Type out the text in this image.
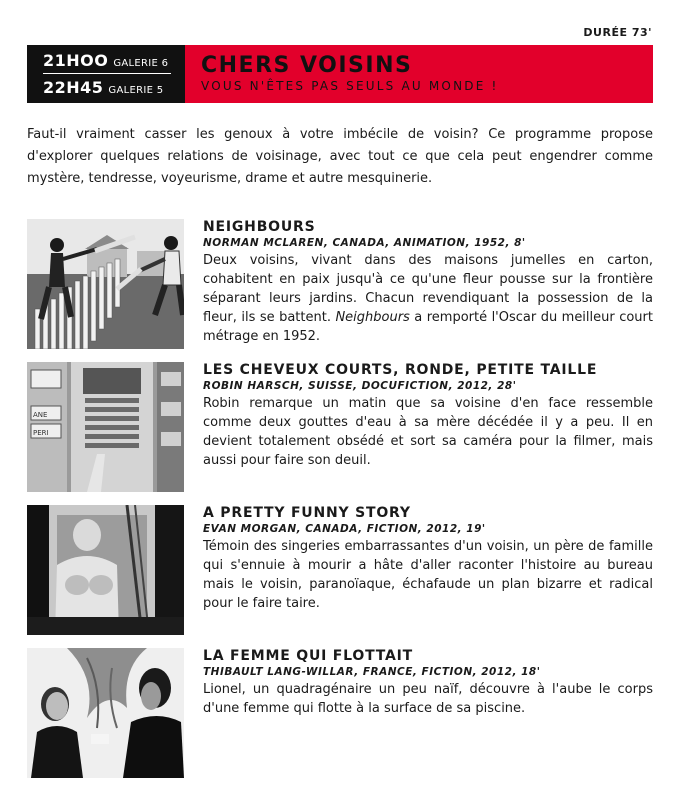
DURÉE 73'
21HOO GALERIE 6
22H45 GALERIE 5
CHERS VOISINS
VOUS N'ÊTES PAS SEULS AU MONDE !
Faut-il vraiment casser les genoux à votre imbécile de voisin? Ce programme propose d'explorer quelques relations de voisinage, avec tout ce que cela peut engendrer comme mystère, tendresse, voyeurisme, drame et autre mesquinerie.
NEIGHBOURS
NORMAN MCLAREN, CANADA, ANIMATION, 1952, 8'
Deux voisins, vivant dans des maisons jumelles en carton, cohabitent en paix jusqu'à ce qu'une fleur pousse sur la frontière séparant leurs jardins. Chacun revendiquant la possession de la fleur, ils se battent. Neighbours a remporté l'Oscar du meilleur court métrage en 1952.
ANE
PERI
LES CHEVEUX COURTS, RONDE, PETITE TAILLE
ROBIN HARSCH, SUISSE, DOCUFICTION, 2012, 28'
Robin remarque un matin que sa voisine d'en face ressemble comme deux gouttes d'eau à sa mère décédée il y a peu. Il en devient totalement obsédé et sort sa caméra pour la filmer, mais aussi pour faire son deuil.
A PRETTY FUNNY STORY
EVAN MORGAN, CANADA, FICTION, 2012, 19'
Témoin des singeries embarrassantes d'un voisin, un père de famille qui s'ennuie à mourir a hâte d'aller raconter l'histoire au bureau mais le voisin, paranoïaque, échafaude un plan bizarre et radical pour le faire taire.
LA FEMME QUI FLOTTAIT
THIBAULT LANG-WILLAR, FRANCE, FICTION, 2012, 18'
Lionel, un quadragénaire un peu naïf, découvre à l'aube le corps d'une femme qui flotte à la surface de sa piscine.
